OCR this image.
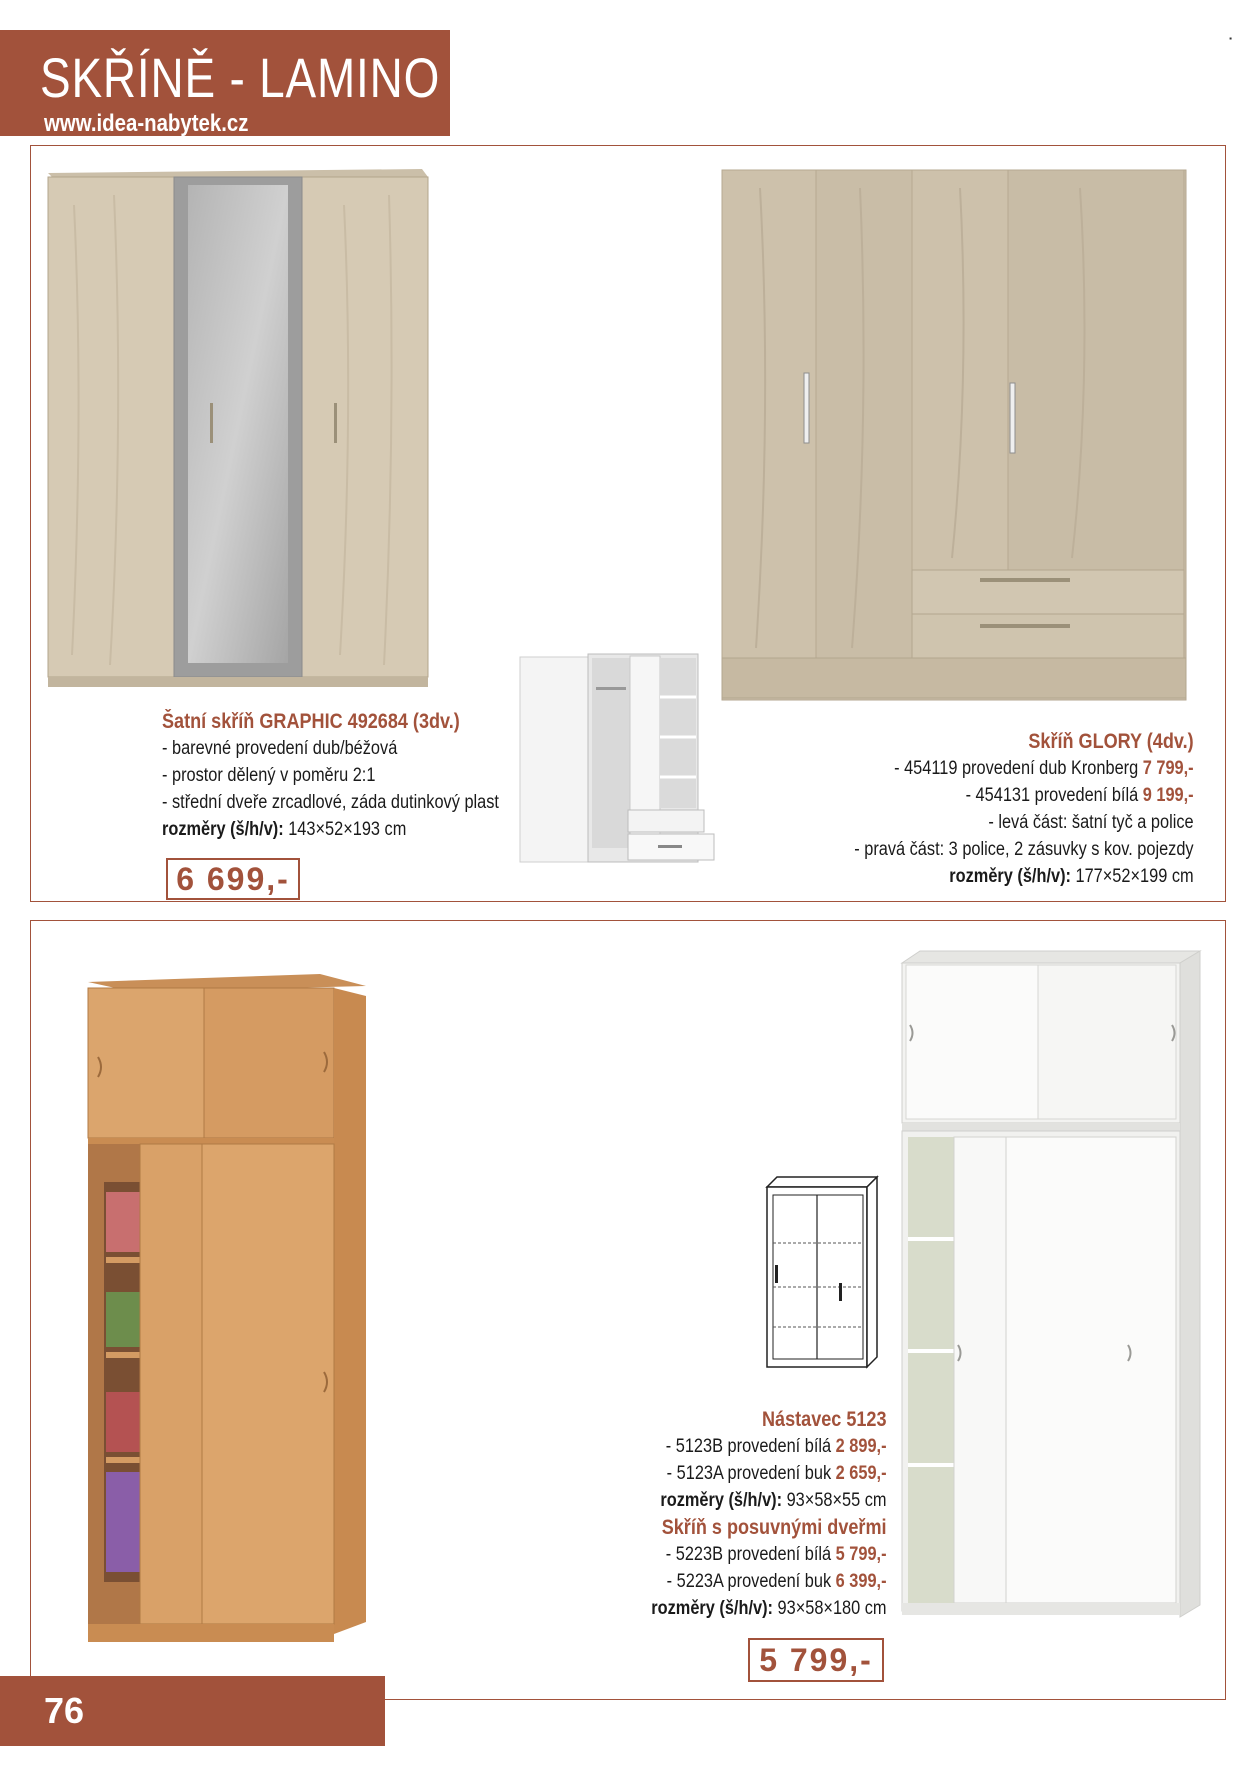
SKŘÍNĚ - LAMINO
www.idea-nabytek.cz
▪
Šatní skříň GRAPHIC 492684 (3dv.)
- barevné provedení dub/béžová
- prostor dělený v poměru 2:1
- střední dveře zrcadlové, záda dutinkový plast
rozměry (š/h/v): 143×52×193 cm
6 699,-
Skříň GLORY (4dv.)
- 454119 provedení dub Kronberg 7 799,-
- 454131 provedení bílá 9 199,-
- levá část: šatní tyč a police
- pravá část: 3 police, 2 zásuvky s kov. pojezdy
rozměry (š/h/v): 177×52×199 cm
Nástavec 5123
- 5123B provedení bílá 2 899,-
- 5123A provedení buk 2 659,-
rozměry (š/h/v): 93×58×55 cm
Skříň s posuvnými dveřmi
- 5223B provedení bílá 5 799,-
- 5223A provedení buk 6 399,-
rozměry (š/h/v): 93×58×180 cm
5 799,-
76
